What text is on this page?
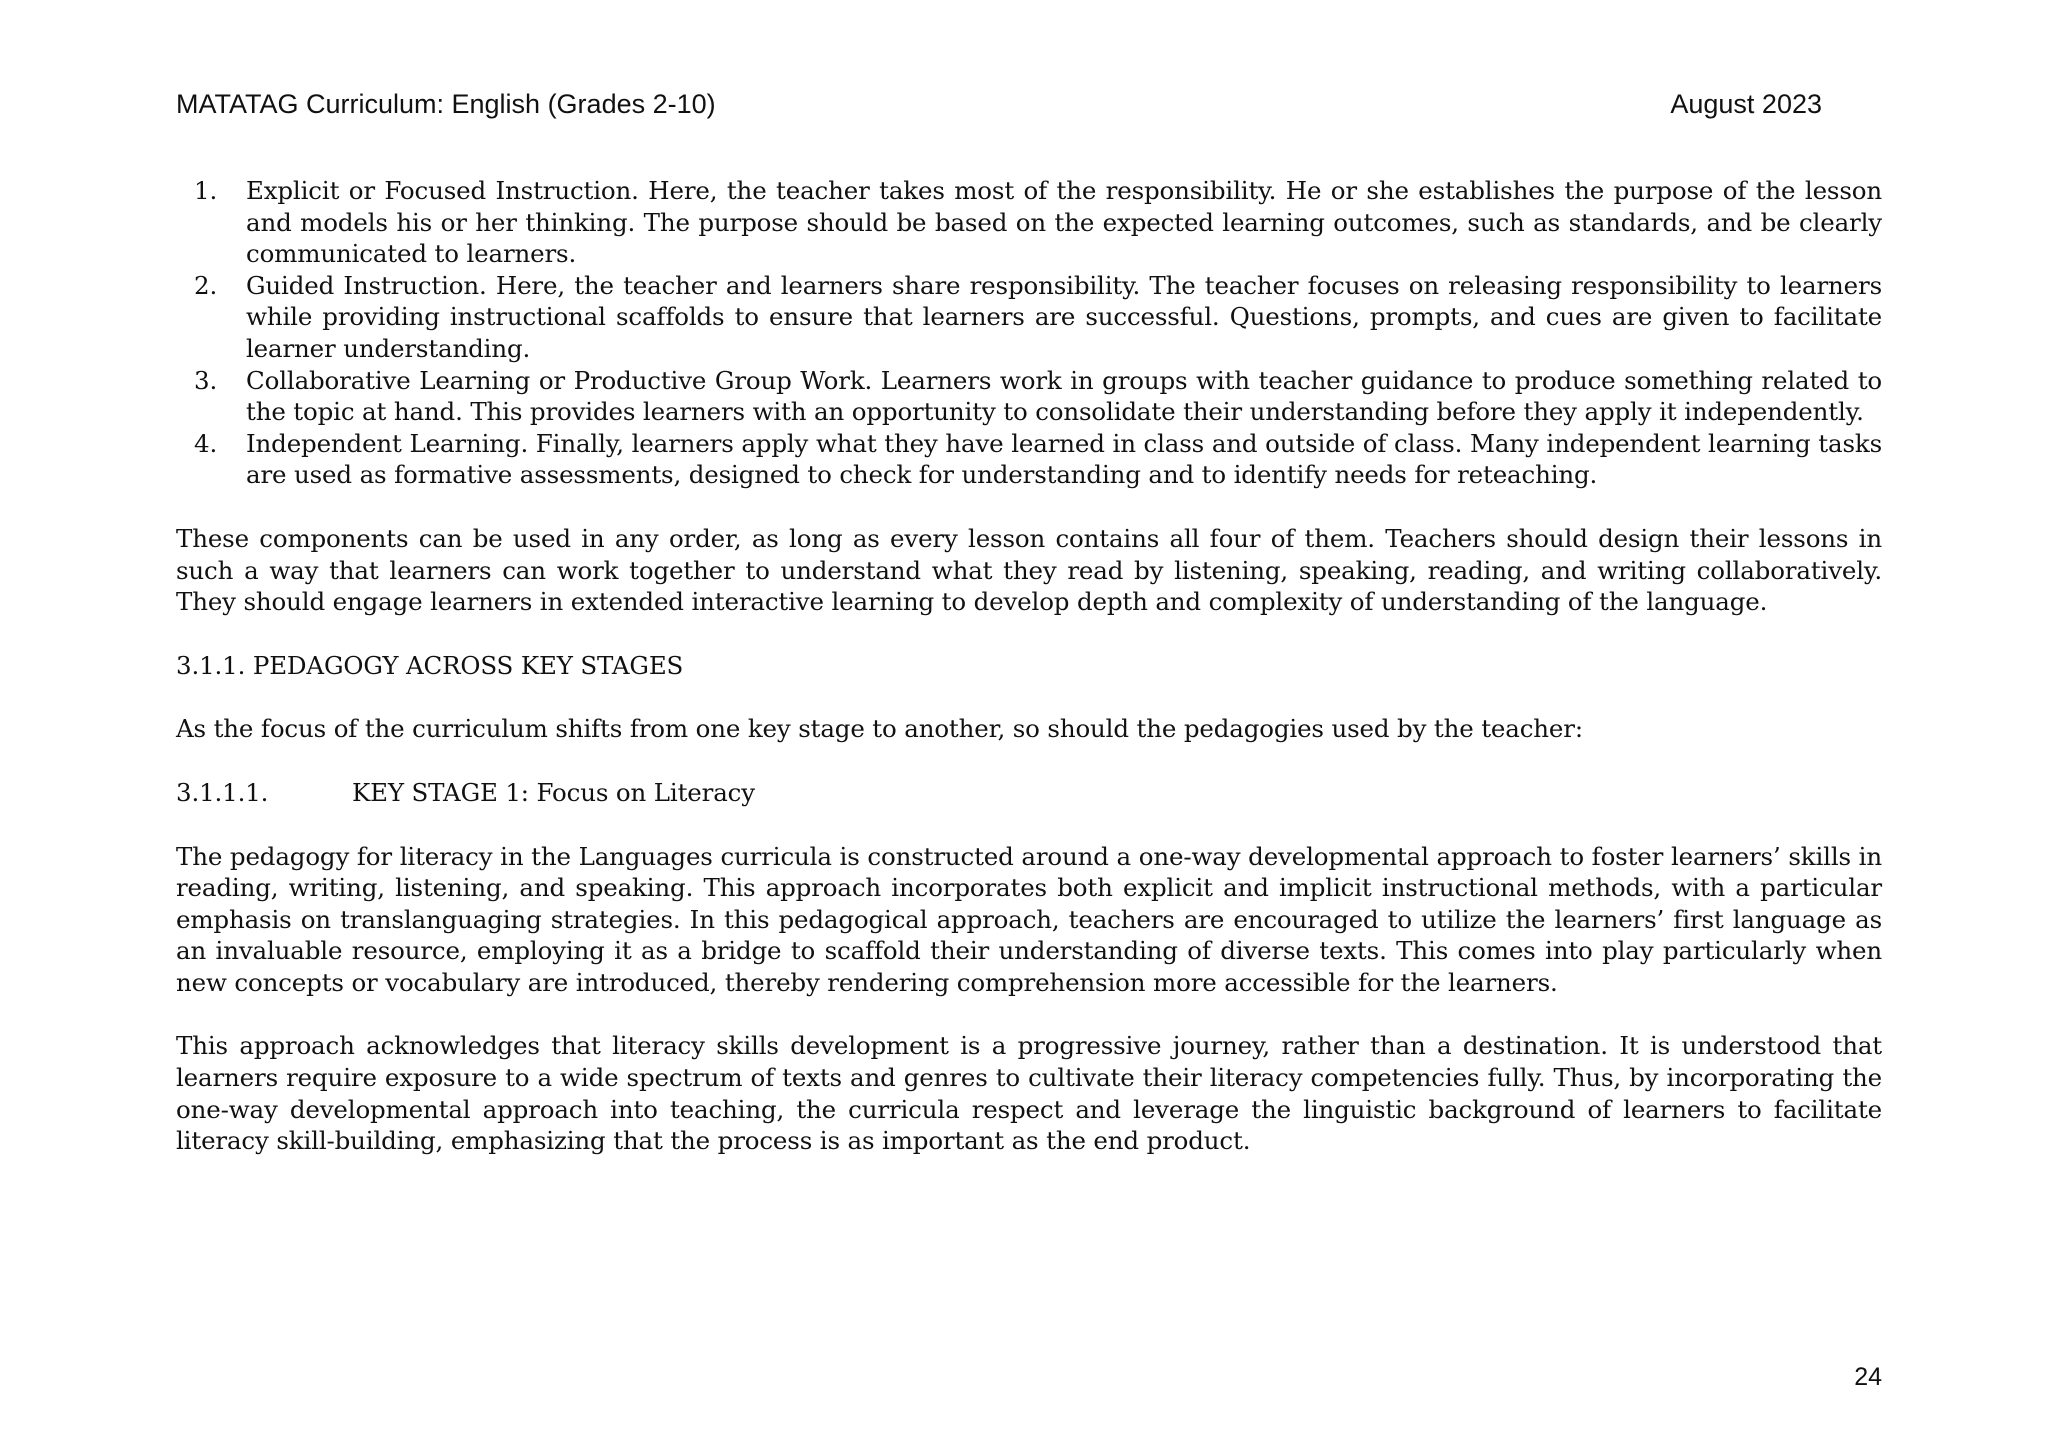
MATATAG Curriculum: English (Grades 2-10)	August 2023
1. Explicit or Focused Instruction. Here, the teacher takes most of the responsibility. He or she establishes the purpose of the lesson and models his or her thinking. The purpose should be based on the expected learning outcomes, such as standards, and be clearly communicated to learners.
2. Guided Instruction. Here, the teacher and learners share responsibility. The teacher focuses on releasing responsibility to learners while providing instructional scaffolds to ensure that learners are successful. Questions, prompts, and cues are given to facilitate learner understanding.
3. Collaborative Learning or Productive Group Work. Learners work in groups with teacher guidance to produce something related to the topic at hand. This provides learners with an opportunity to consolidate their understanding before they apply it independently.
4. Independent Learning. Finally, learners apply what they have learned in class and outside of class. Many independent learning tasks are used as formative assessments, designed to check for understanding and to identify needs for reteaching.

These components can be used in any order, as long as every lesson contains all four of them. Teachers should design their lessons in such a way that learners can work together to understand what they read by listening, speaking, reading, and writing collaboratively. They should engage learners in extended interactive learning to develop depth and complexity of understanding of the language.

3.1.1. PEDAGOGY ACROSS KEY STAGES

As the focus of the curriculum shifts from one key stage to another, so should the pedagogies used by the teacher:

3.1.1.1.	KEY STAGE 1: Focus on Literacy

The pedagogy for literacy in the Languages curricula is constructed around a one-way developmental approach to foster learners’ skills in reading, writing, listening, and speaking. This approach incorporates both explicit and implicit instructional methods, with a particular emphasis on translanguaging strategies. In this pedagogical approach, teachers are encouraged to utilize the learners’ first language as an invaluable resource, employing it as a bridge to scaffold their understanding of diverse texts. This comes into play particularly when new concepts or vocabulary are introduced, thereby rendering comprehension more accessible for the learners.

This approach acknowledges that literacy skills development is a progressive journey, rather than a destination. It is understood that learners require exposure to a wide spectrum of texts and genres to cultivate their literacy competencies fully. Thus, by incorporating the one-way developmental approach into teaching, the curricula respect and leverage the linguistic background of learners to facilitate literacy skill-building, emphasizing that the process is as important as the end product.

24
